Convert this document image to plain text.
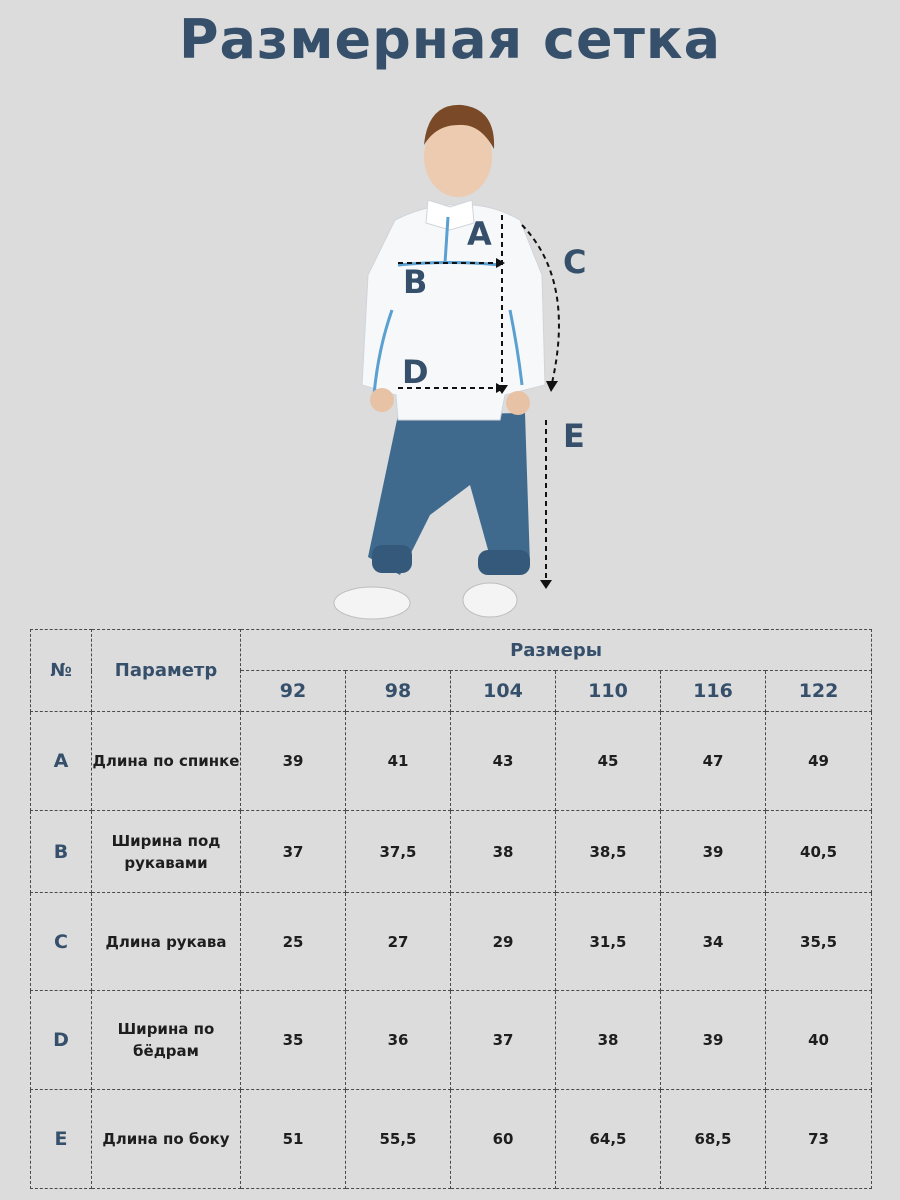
Размерная сетка
A
B
C
D
E
№	Параметр	Размеры					
		92	98	104	110	116	122
A	Длина по спинке	39	41	43	45	47	49
B	Ширина под рукавами	37	37,5	38	38,5	39	40,5
C	Длина рукава	25	27	29	31,5	34	35,5
D	Ширина по бёдрам	35	36	37	38	39	40
E	Длина по боку	51	55,5	60	64,5	68,5	73
